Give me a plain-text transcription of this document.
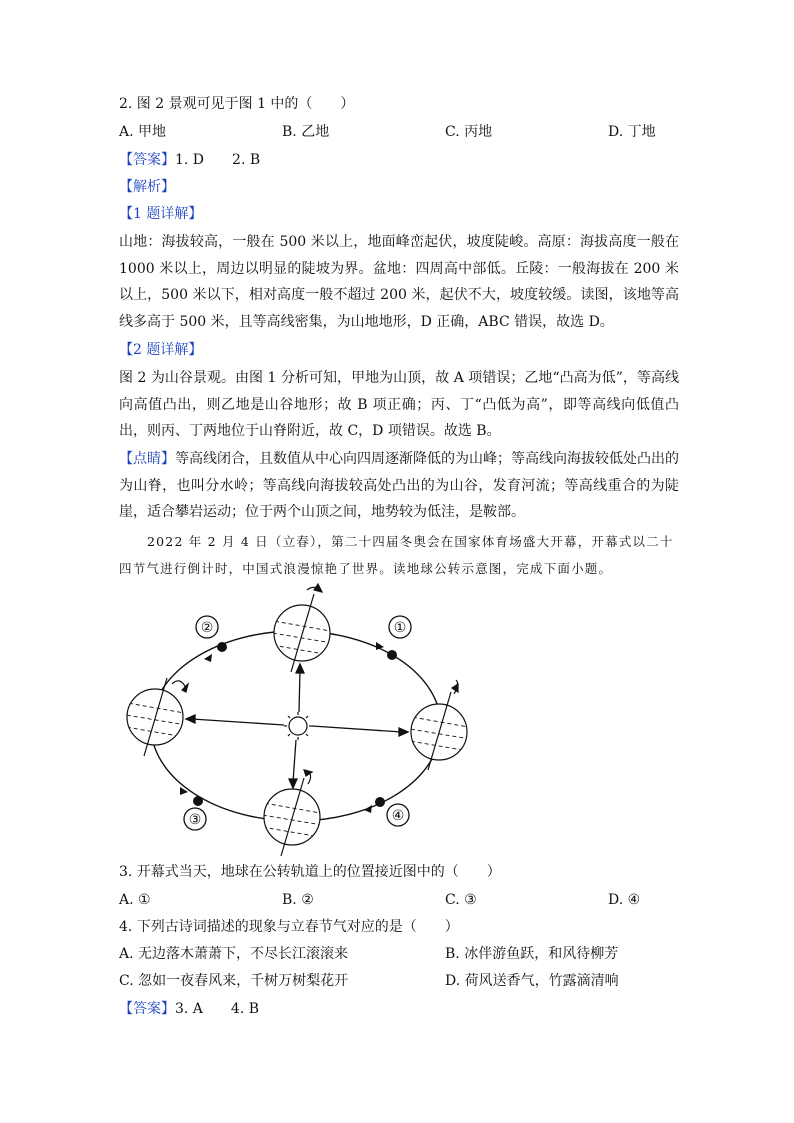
2. 图 2 景观可见于图 1 中的（　　）
A. 甲地	B. 乙地	C. 丙地	D. 丁地
【答案】1. D　　2. B
【解析】
【1 题详解】
山地：海拔较高，一般在 500 米以上，地面峰峦起伏，坡度陡峻。高原：海拔高度一般在 1000 米以上，周边以明显的陡坡为界。盆地：四周高中部低。丘陵：一般海拔在 200 米以上，500 米以下，相对高度一般不超过 200 米，起伏不大，坡度较缓。读图，该地等高线多高于 500 米，且等高线密集，为山地地形，D 正确，ABC 错误，故选 D。
【2 题详解】
图 2 为山谷景观。由图 1 分析可知，甲地为山顶，故 A 项错误；乙地“凸高为低”，等高线向高值凸出，则乙地是山谷地形；故 B 项正确；丙、丁“凸低为高”，即等高线向低值凸出，则丙、丁两地位于山脊附近，故 C，D 项错误。故选 B。
【点睛】等高线闭合，且数值从中心向四周逐渐降低的为山峰；等高线向海拔较低处凸出的为山脊，也叫分水岭；等高线向海拔较高处凸出的为山谷，发育河流；等高线重合的为陡崖，适合攀岩运动；位于两个山顶之间，地势较为低洼，是鞍部。
2022 年 2 月 4 日（立春），第二十四届冬奥会在国家体育场盛大开幕，开幕式以二十四节气进行倒计时，中国式浪漫惊艳了世界。读地球公转示意图，完成下面小题。
①
②
③	④
3. 开幕式当天，地球在公转轨道上的位置接近图中的（　　）
A. ①	B. ②	C. ③	D. ④
4. 下列古诗词描述的现象与立春节气对应的是（　　）
A. 无边落木萧萧下，不尽长江滚滚来	B. 冰伴游鱼跃，和风待柳芳
C. 忽如一夜春风来，千树万树梨花开	D. 荷风送香气，竹露滴清响
【答案】3. A　　4. B
